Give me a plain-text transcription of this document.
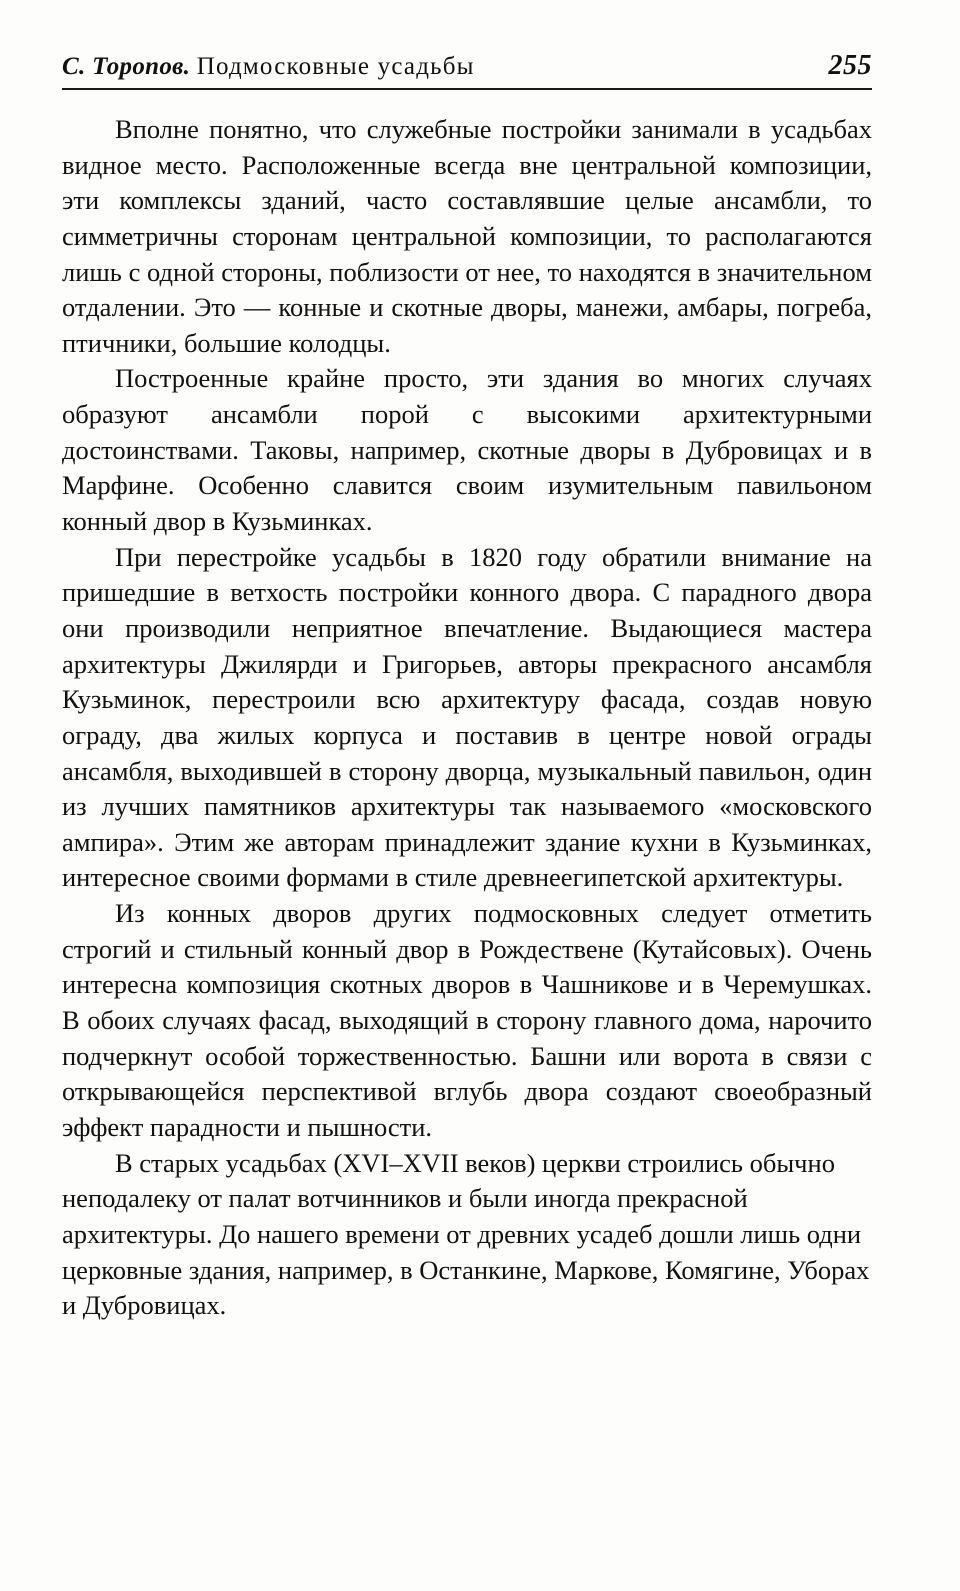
С. Торопов. Подмосковные усадьбы	255

Вполне понятно, что служебные постройки занимали в усадьбах видное место. Расположенные всегда вне центральной композиции, эти комплексы зданий, часто составлявшие целые ансамбли, то симметричны сторонам центральной композиции, то располагаются лишь с одной стороны, поблизости от нее, то находятся в значительном отдалении. Это — конные и скотные дворы, манежи, амбары, погреба, птичники, большие колодцы.

Построенные крайне просто, эти здания во многих случаях образуют ансамбли порой с высокими архитектурными достоинствами. Таковы, например, скотные дворы в Дубровицах и в Марфине. Особенно славится своим изумительным павильоном конный двор в Кузьминках.

При перестройке усадьбы в 1820 году обратили внимание на пришедшие в ветхость постройки конного двора. С парадного двора они производили неприятное впечатление. Выдающиеся мастера архитектуры Джилярди и Григорьев, авторы прекрасного ансамбля Кузьминок, перестроили всю архитектуру фасада, создав новую ограду, два жилых корпуса и поставив в центре новой ограды ансамбля, выходившей в сторону дворца, музыкальный павильон, один из лучших памятников архитектуры так называемого «московского ампира». Этим же авторам принадлежит здание кухни в Кузьминках, интересное своими формами в стиле древнеегипетской архитектуры.

Из конных дворов других подмосковных следует отметить строгий и стильный конный двор в Рождествене (Кутайсовых). Очень интересна композиция скотных дворов в Чашникове и в Черемушках. В обоих случаях фасад, выходящий в сторону главного дома, нарочито подчеркнут особой торжественностью. Башни или ворота в связи с открывающейся перспективой вглубь двора создают своеобразный эффект парадности и пышности.

В старых усадьбах (XVI–XVII веков) церкви строились обычно неподалеку от палат вотчинников и были иногда прекрасной архитектуры. До нашего времени от древних усадеб дошли лишь одни церковные здания, например, в Останкине, Маркове, Комягине, Уборах и Дубровицах.
